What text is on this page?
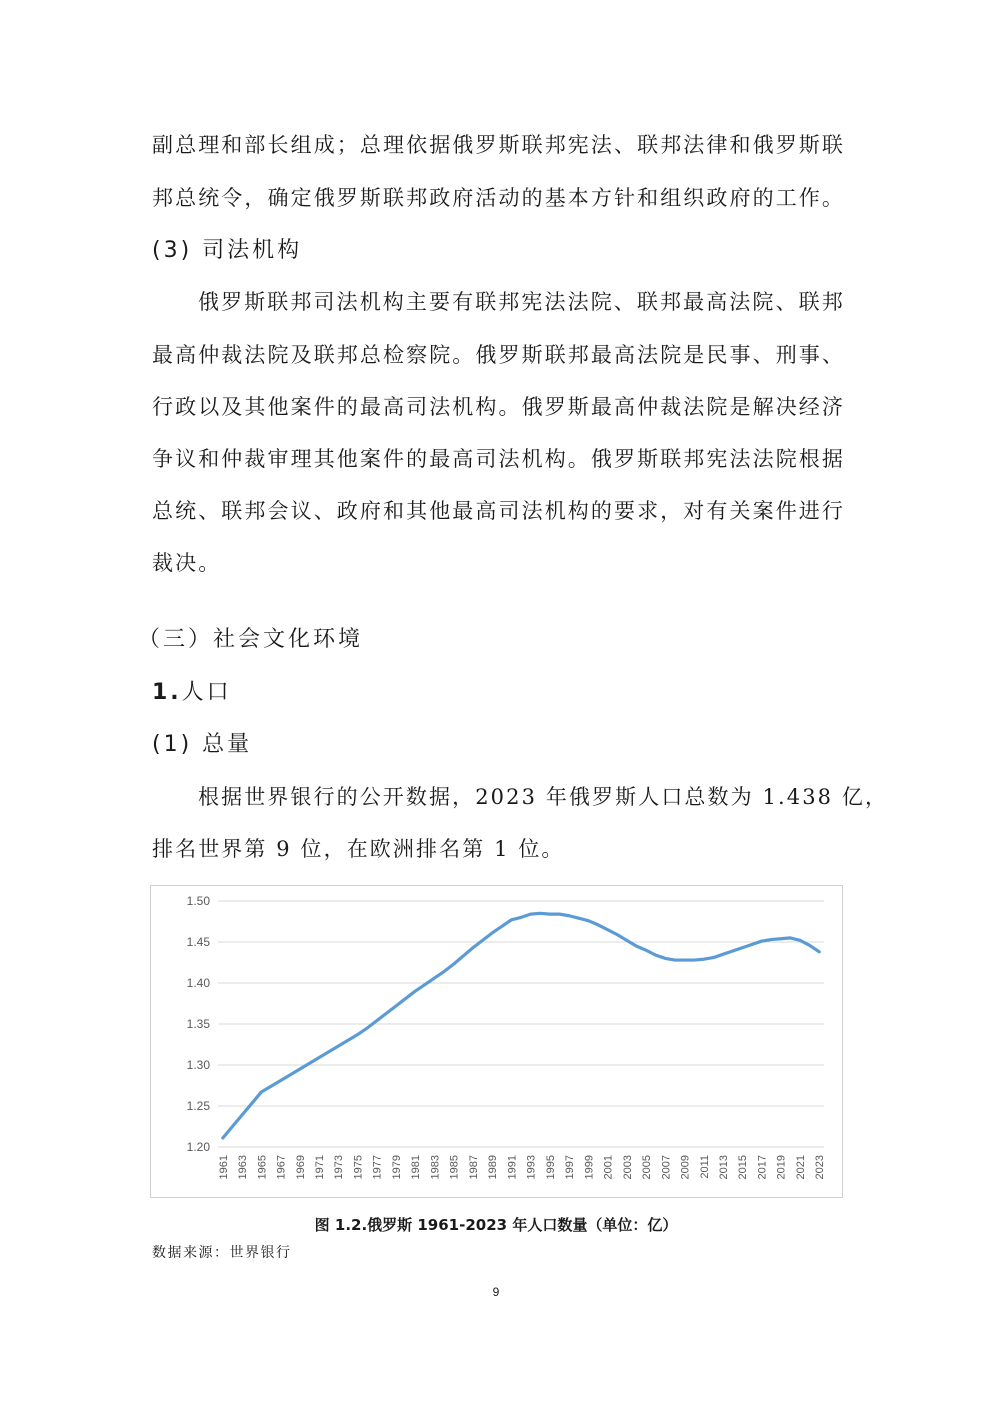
副总理和部长组成；总理依据俄罗斯联邦宪法、联邦法律和俄罗斯联
邦总统令，确定俄罗斯联邦政府活动的基本方针和组织政府的工作。
(3) 司法机构
俄罗斯联邦司法机构主要有联邦宪法法院、联邦最高法院、联邦
最高仲裁法院及联邦总检察院。俄罗斯联邦最高法院是民事、刑事、
行政以及其他案件的最高司法机构。俄罗斯最高仲裁法院是解决经济
争议和仲裁审理其他案件的最高司法机构。俄罗斯联邦宪法法院根据
总统、联邦会议、政府和其他最高司法机构的要求，对有关案件进行
裁决。
（三）社会文化环境
1.人口
(1) 总量
根据世界银行的公开数据，2023 年俄罗斯人口总数为 1.438 亿，
排名世界第 9 位，在欧洲排名第 1 位。
1.20
1.25
1.30
1.35
1.40
1.45
1.50
1961 1963 1965 1967 1969 1971 1973 1975 1977 1979 1981 1983 1985 1987 1989 1991 1993 1995 1997 1999 2001 2003 2005 2007 2009 2011 2013 2015 2017 2019 2021 2023
图 1.2.俄罗斯 1961-2023 年人口数量（单位：亿）
数据来源：世界银行
9
